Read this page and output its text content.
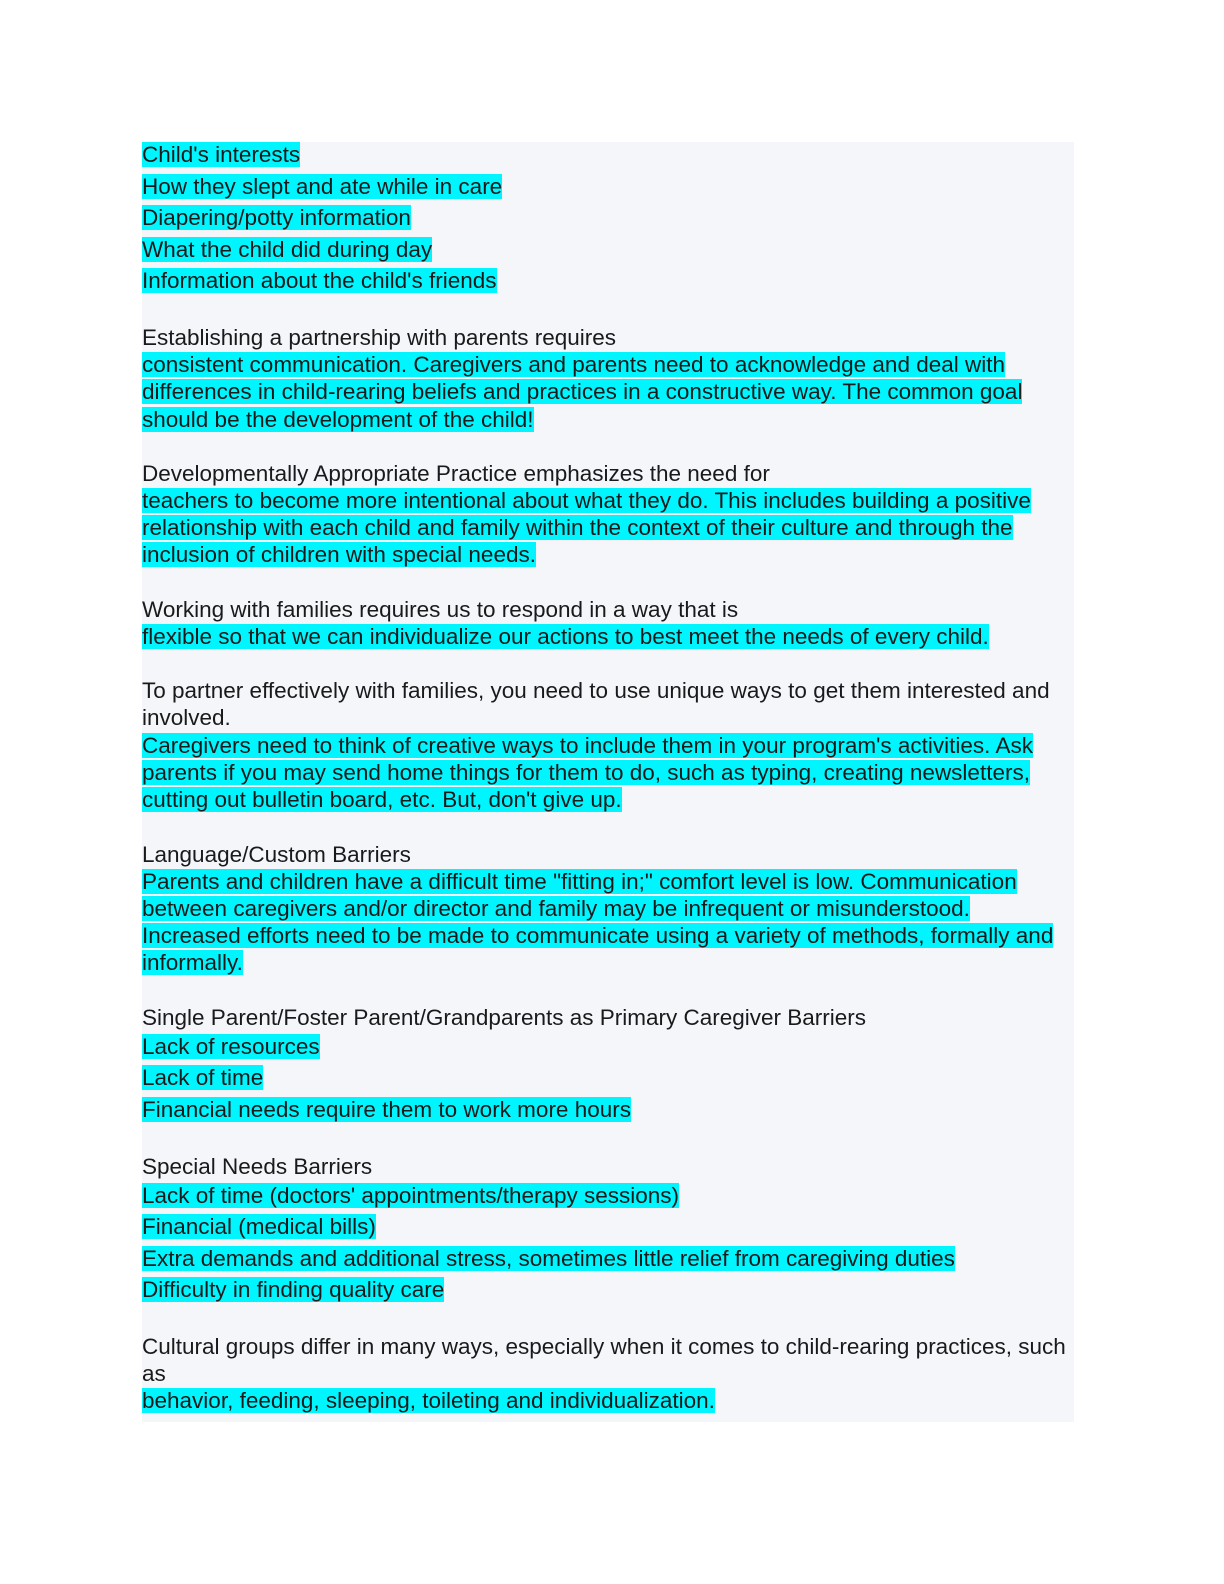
Child's interests

How they slept and ate while in care

Diapering/potty information

What the child did during day

Information about the child's friends

Establishing a partnership with parents requires

consistent communication. Caregivers and parents need to acknowledge and deal with differences in child-rearing beliefs and practices in a constructive way. The common goal should be the development of the child!

Developmentally Appropriate Practice emphasizes the need for

teachers to become more intentional about what they do. This includes building a positive relationship with each child and family within the context of their culture and through the inclusion of children with special needs.

Working with families requires us to respond in a way that is

flexible so that we can individualize our actions to best meet the needs of every child.

To partner effectively with families, you need to use unique ways to get them interested and involved.

Caregivers need to think of creative ways to include them in your program's activities. Ask parents if you may send home things for them to do, such as typing, creating newsletters, cutting out bulletin board, etc. But, don't give up.

Language/Custom Barriers

Parents and children have a difficult time "fitting in;" comfort level is low. Communication between caregivers and/or director and family may be infrequent or misunderstood. Increased efforts need to be made to communicate using a variety of methods, formally and informally.

Single Parent/Foster Parent/Grandparents as Primary Caregiver Barriers

Lack of resources

Lack of time

Financial needs require them to work more hours

Special Needs Barriers

Lack of time (doctors' appointments/therapy sessions)

Financial (medical bills)

Extra demands and additional stress, sometimes little relief from caregiving duties

Difficulty in finding quality care

Cultural groups differ in many ways, especially when it comes to child-rearing practices, such as

behavior, feeding, sleeping, toileting and individualization.
